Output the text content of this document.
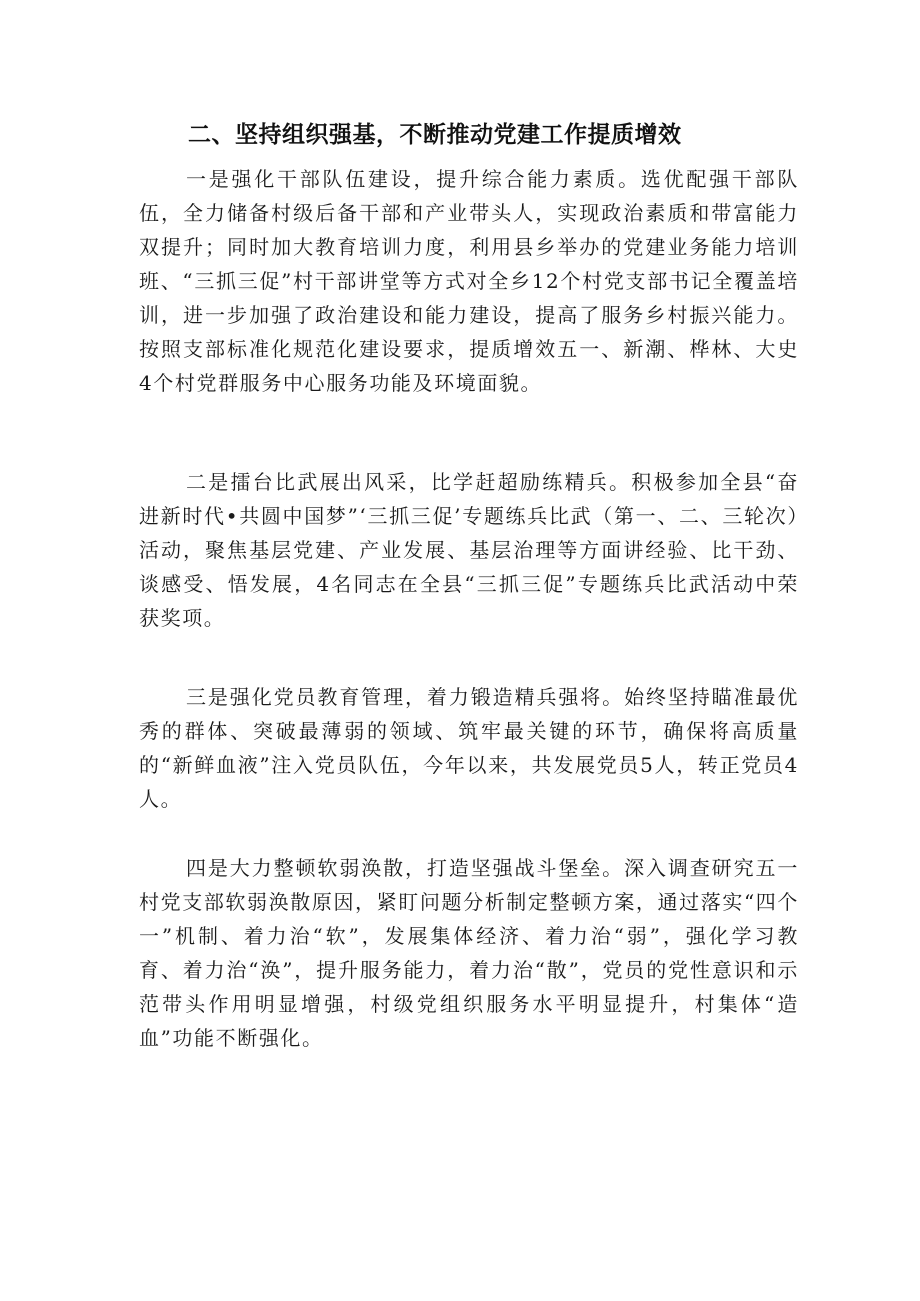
二、坚持组织强基，不断推动党建工作提质增效

一是强化干部队伍建设，提升综合能力素质。选优配强干部队伍，全力储备村级后备干部和产业带头人，实现政治素质和带富能力双提升；同时加大教育培训力度，利用县乡举办的党建业务能力培训班、“三抓三促”村干部讲堂等方式对全乡12个村党支部书记全覆盖培训，进一步加强了政治建设和能力建设，提高了服务乡村振兴能力。按照支部标准化规范化建设要求，提质增效五一、新潮、桦林、大史4个村党群服务中心服务功能及环境面貌。

二是擂台比武展出风采，比学赶超励练精兵。积极参加全县“奋进新时代•共圆中国梦”‘三抓三促’专题练兵比武（第一、二、三轮次）活动，聚焦基层党建、产业发展、基层治理等方面讲经验、比干劲、谈感受、悟发展，4名同志在全县“三抓三促”专题练兵比武活动中荣获奖项。

三是强化党员教育管理，着力锻造精兵强将。始终坚持瞄准最优秀的群体、突破最薄弱的领域、筑牢最关键的环节，确保将高质量的“新鲜血液”注入党员队伍，今年以来，共发展党员5人，转正党员4人。

四是大力整顿软弱涣散，打造坚强战斗堡垒。深入调查研究五一村党支部软弱涣散原因，紧盯问题分析制定整顿方案，通过落实“四个一”机制、着力治“软”，发展集体经济、着力治“弱”，强化学习教育、着力治“涣”，提升服务能力，着力治“散”，党员的党性意识和示范带头作用明显增强，村级党组织服务水平明显提升，村集体“造血”功能不断强化。
